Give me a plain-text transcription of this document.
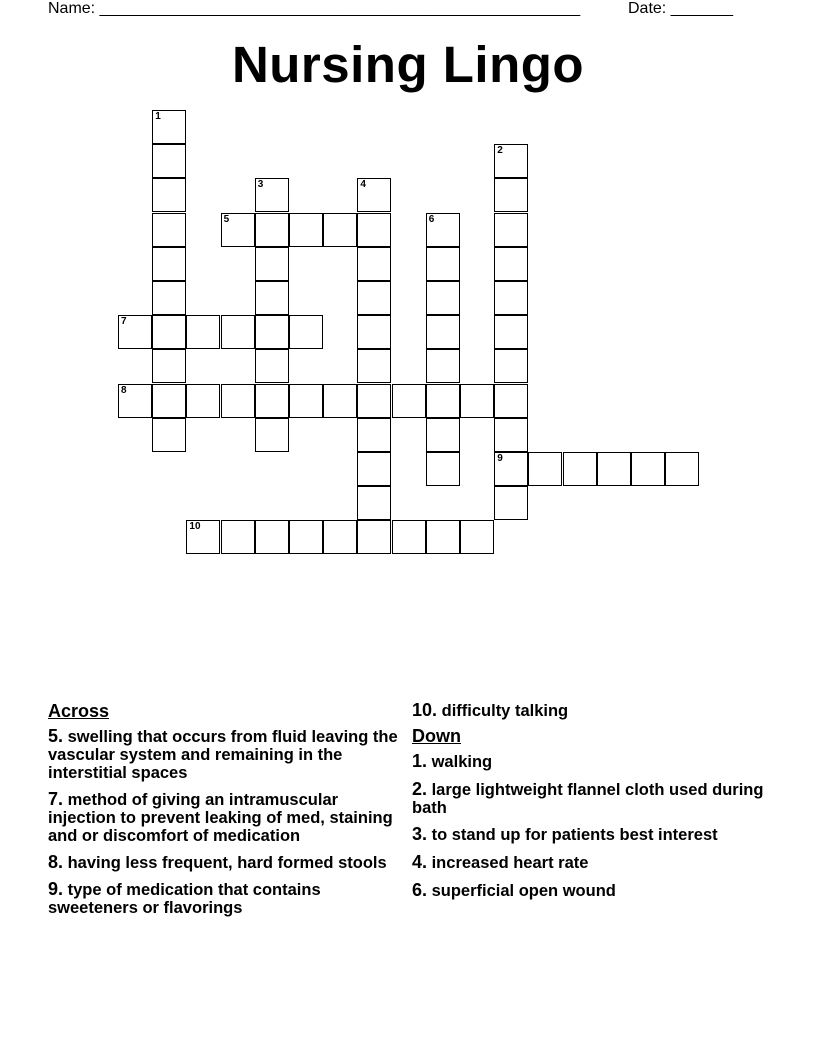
Name: ______________________________________________________	Date: _______
Nursing Lingo
1
2
9
3	4
5	6
7
8
10
Across
5. swelling that occurs from fluid leaving the vascular system and remaining in the interstitial spaces
7. method of giving an intramuscular injection to prevent leaking of med, staining and or discomfort of medication
8. having less frequent, hard formed stools
9. type of medication that contains sweeteners or flavorings
10. difficulty talking
Down
1. walking
2. large lightweight flannel cloth used during bath
3. to stand up for patients best interest
4. increased heart rate
6. superficial open wound
